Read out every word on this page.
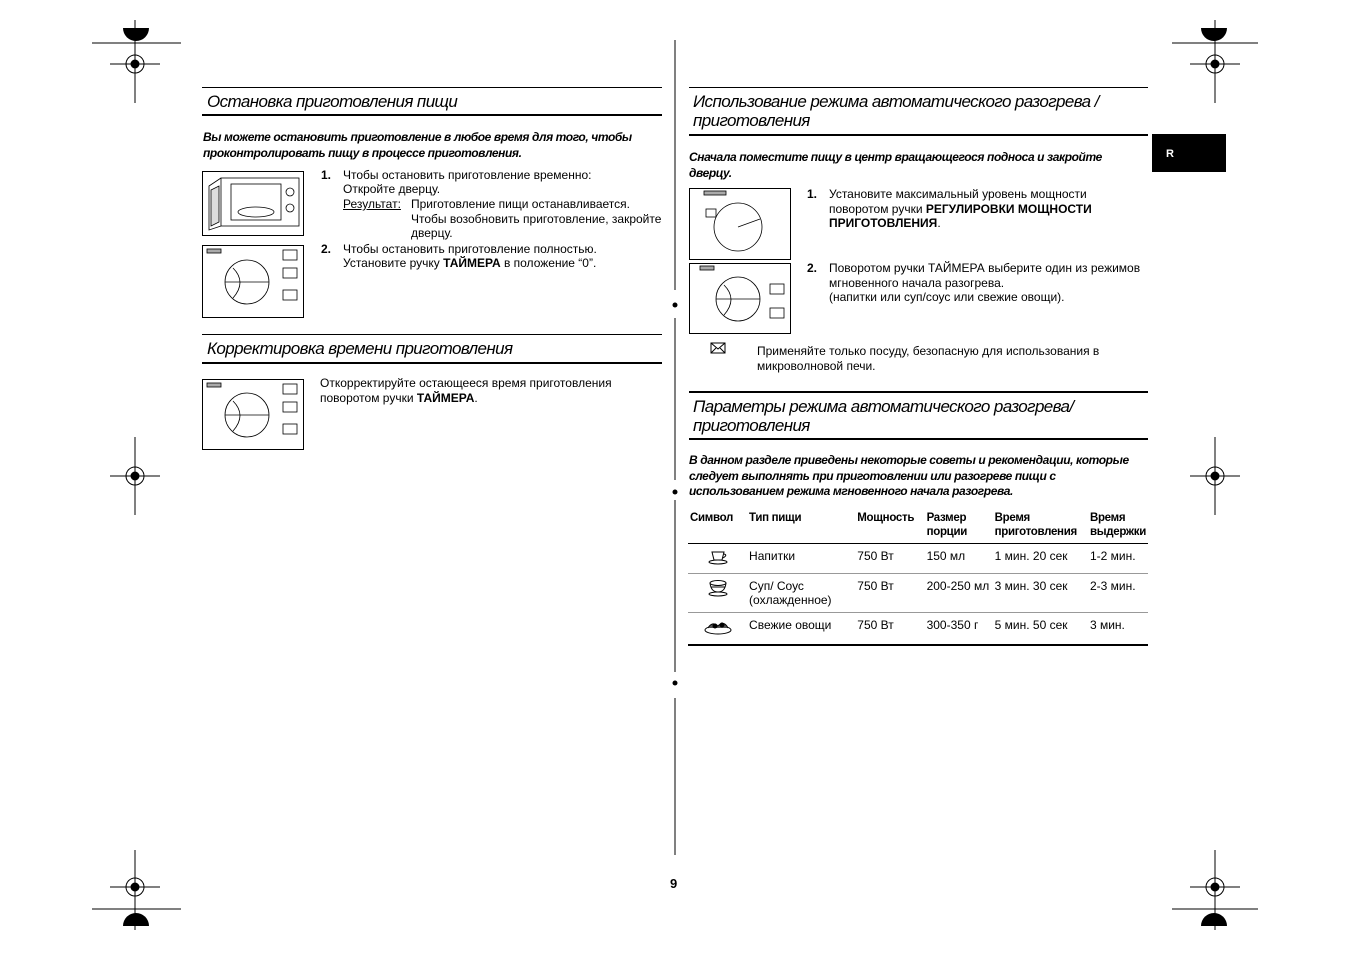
Остановка приготовления пищи
Вы можете остановить приготовление в любое время для того, чтобы проконтролировать пищу в процессе приготовления.
1. Чтобы остановить приготовление временно:
Откройте дверцу.
Результат: Приготовление пищи останавливается. Чтобы возобновить приготовление, закройте дверцу.
2. Чтобы остановить приготовление полностью.
Установите ручку ТАЙМЕРА в положение “0”.
Корректировка времени приготовления
Откорректируйте остающееся время приготовления поворотом ручки ТАЙМЕРА.
Использование режима автоматического разогрева /
приготовления
R
Сначала поместите пищу в центр вращающегося подноса и закройте дверцу.
1. Установите максимальный уровень мощности поворотом ручки РЕГУЛИРОВКИ МОЩНОСТИ ПРИГОТОВЛЕНИЯ.
2. Поворотом ручки ТАЙМЕРА выберите один из режимов
мгновенного начала разогрева.
(напитки или суп/соус или свежие овощи).
Применяйте только посуду, безопасную для использования в микроволновой печи.
Параметры режима автоматического разогрева/
приготовления
В данном разделе приведены некоторые советы и рекомендации, которые следует выполнять при приготовлении или разогреве пищи с использованием режима мгновенного начала разогрева.
Символ	Тип пищи	Мощность	Размер порции	Время приготовления	Время выдержки
	Напитки	750 Вт	150 мл	1 мин. 20 сек	1-2 мин.
	Суп/ Соус (охлажденное)	750 Вт	200-250 мл	3 мин. 30 сек	2-3 мин.
	Свежие овощи	750 Вт	300-350 г	5 мин. 50 сек	3 мин.
9
